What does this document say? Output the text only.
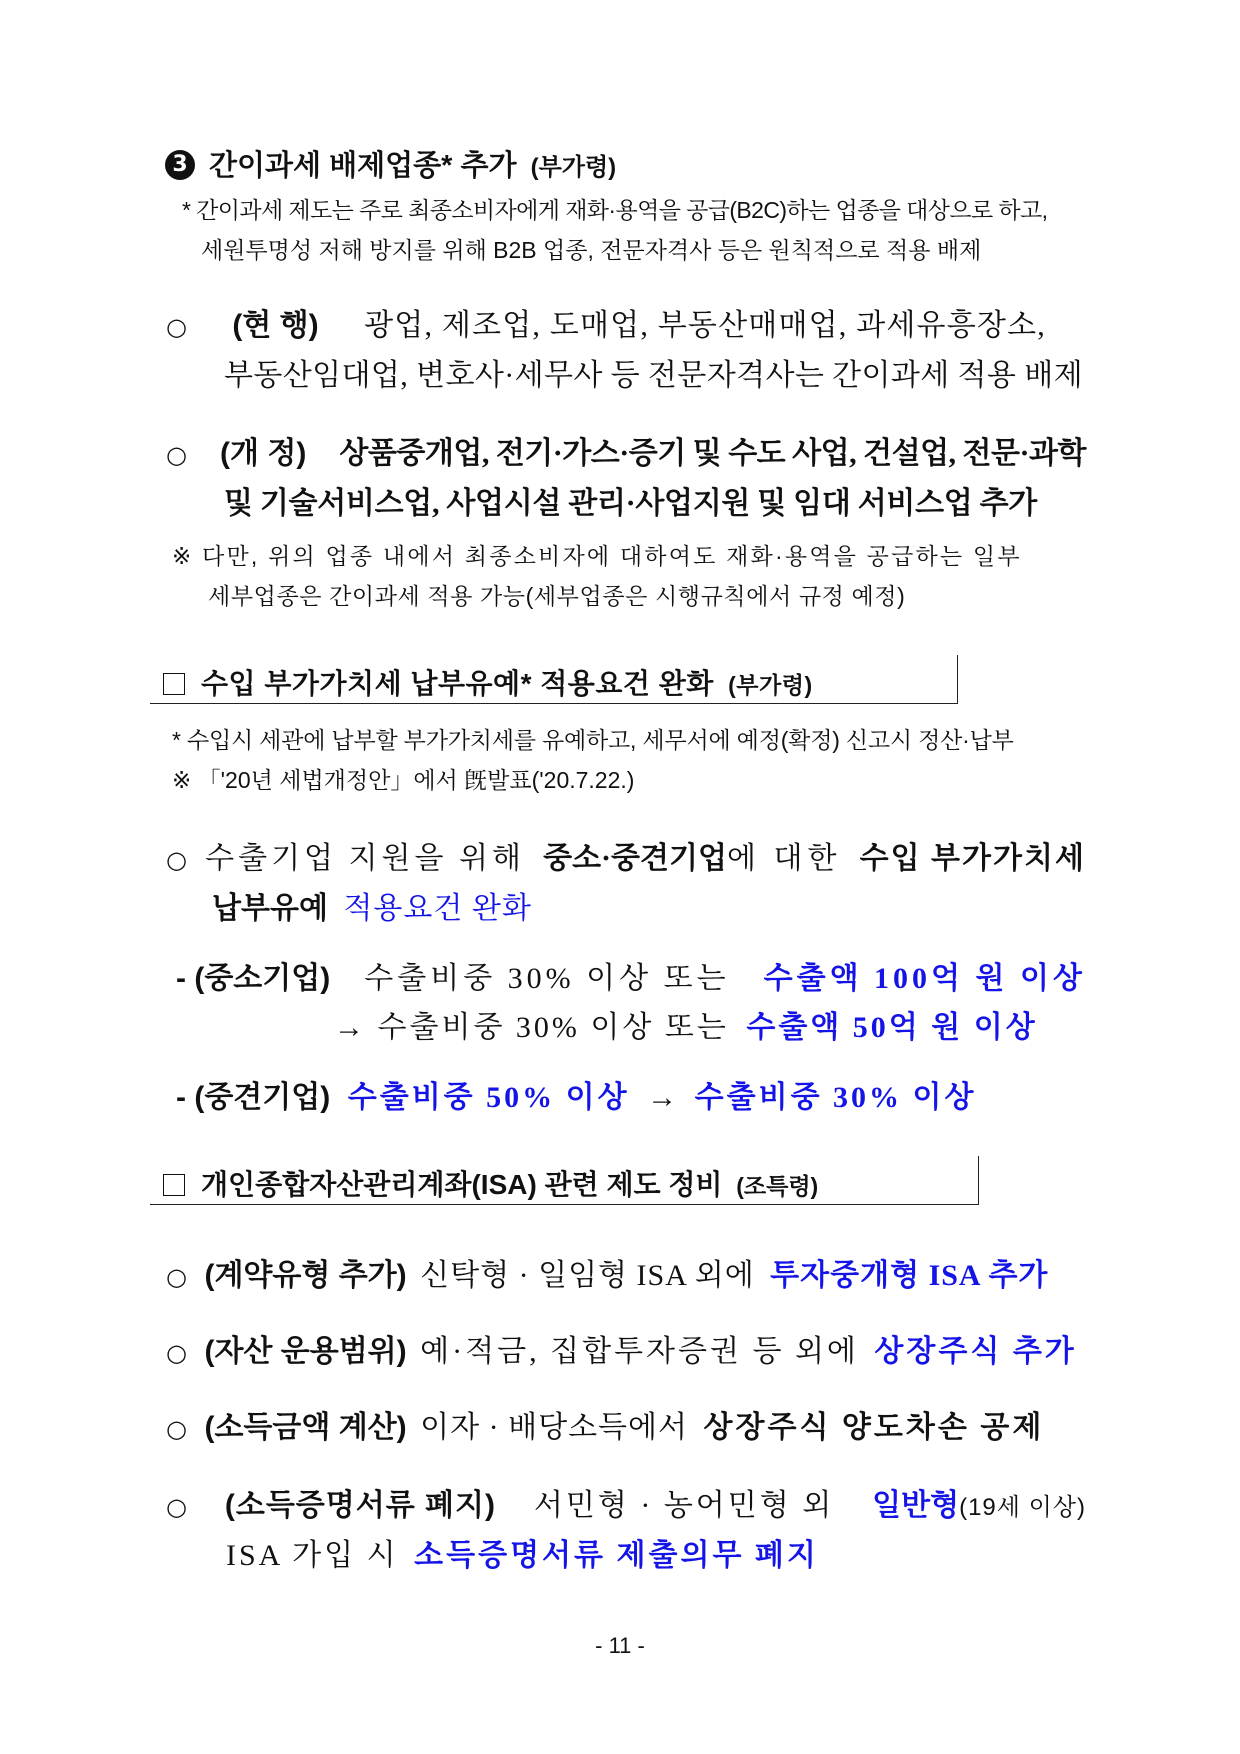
3 간이과세 배제업종* 추가 (부가령)
* 간이과세 제도는 주로 최종소비자에게 재화·용역을 공급(B2C)하는 업종을 대상으로 하고,
세원투명성 저해 방지를 위해 B2B 업종, 전문자격사 등은 원칙적으로 적용 배제
○ (현 행) 광업, 제조업, 도매업, 부동산매매업, 과세유흥장소,
부동산임대업, 변호사·세무사 등 전문자격사는 간이과세 적용 배제
○ (개 정) 상품중개업, 전기·가스·증기 및 수도 사업, 건설업, 전문·과학
및 기술서비스업, 사업시설 관리·사업지원 및 임대 서비스업 추가
※ 다만, 위의 업종 내에서 최종소비자에 대하여도 재화·용역을 공급하는 일부
세부업종은 간이과세 적용 가능(세부업종은 시행규칙에서 규정 예정)
수입 부가가치세 납부유예* 적용요건 완화 (부가령)
* 수입시 세관에 납부할 부가가치세를 유예하고, 세무서에 예정(확정) 신고시 정산·납부
※ 「'20년 세법개정안」에서 旣발표('20.7.22.)
○ 수출기업 지원을 위해 중소·중견기업에 대한 수입 부가가치세
납부유예 적용요건 완화
- (중소기업) 수출비중 30% 이상 또는 수출액 100억 원 이상
→ 수출비중 30% 이상 또는 수출액 50억 원 이상
- (중견기업) 수출비중 50% 이상 → 수출비중 30% 이상
개인종합자산관리계좌(ISA) 관련 제도 정비 (조특령)
○ (계약유형 추가) 신탁형 · 일임형 ISA 외에 투자중개형 ISA 추가
○ (자산 운용범위) 예·적금, 집합투자증권 등 외에 상장주식 추가
○ (소득금액 계산) 이자 · 배당소득에서 상장주식 양도차손 공제
○ (소득증명서류 폐지) 서민형 · 농어민형 외 일반형(19세 이상)
ISA 가입 시 소득증명서류 제출의무 폐지
- 11 -
